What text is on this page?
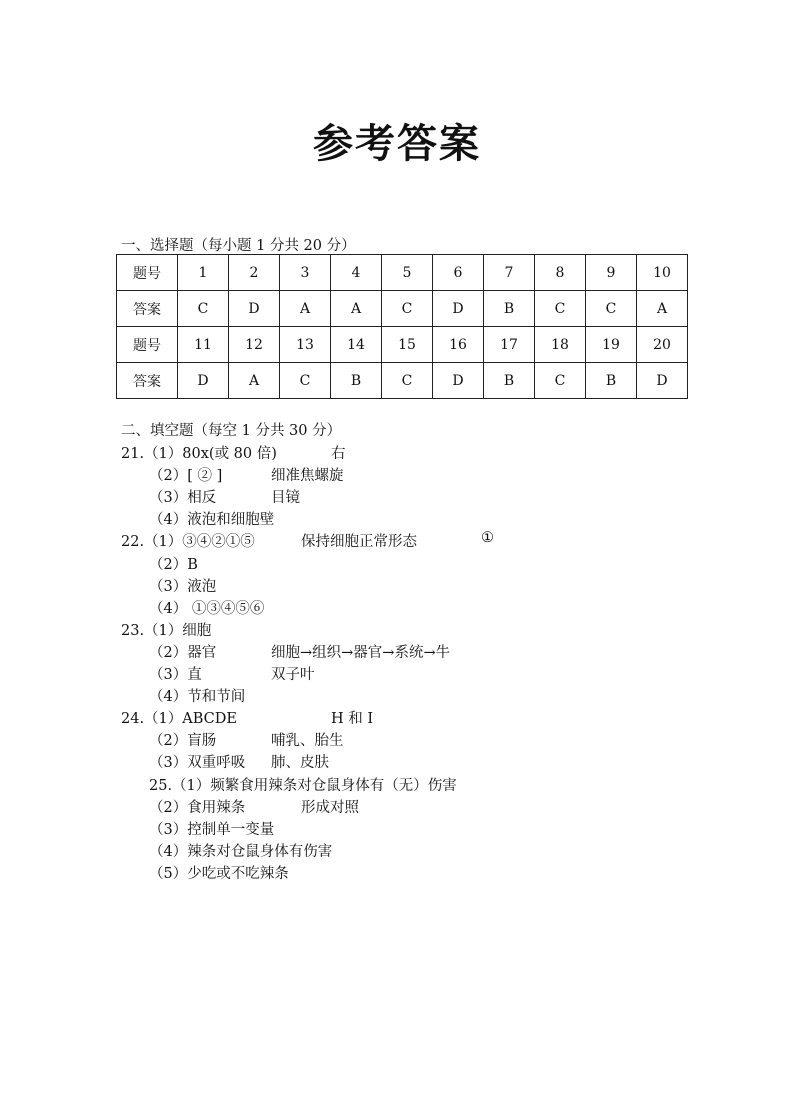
参考答案
一、选择题（每小题 1 分共 20 分）
题号	1	2	3	4	5	6	7	8	9	10
答案	C	D	A	A	C	D	B	C	C	A
题号	11	12	13	14	15	16	17	18	19	20
答案	D	A	C	B	C	D	B	C	B	D
二、填空题（每空 1 分共 30 分）
21.（1）80x(或 80 倍)	右
（2）[ ② ]	细准焦螺旋
（3）相反	目镜
（4）液泡和细胞壁
22.（1）③④②①⑤	保持细胞正常形态	①
（2）B
（3）液泡
（4） ①③④⑤⑥
23.（1）细胞
（2）器官	细胞→组织→器官→系统→牛
（3）直	双子叶
（4）节和节间
24.（1）ABCDE	H 和 I
（2）盲肠	哺乳、胎生
（3）双重呼吸 肺、皮肤
25.（1）频繁食用辣条对仓鼠身体有（无）伤害
（2）食用辣条	形成对照
（3）控制单一变量
（4）辣条对仓鼠身体有伤害
（5）少吃或不吃辣条
